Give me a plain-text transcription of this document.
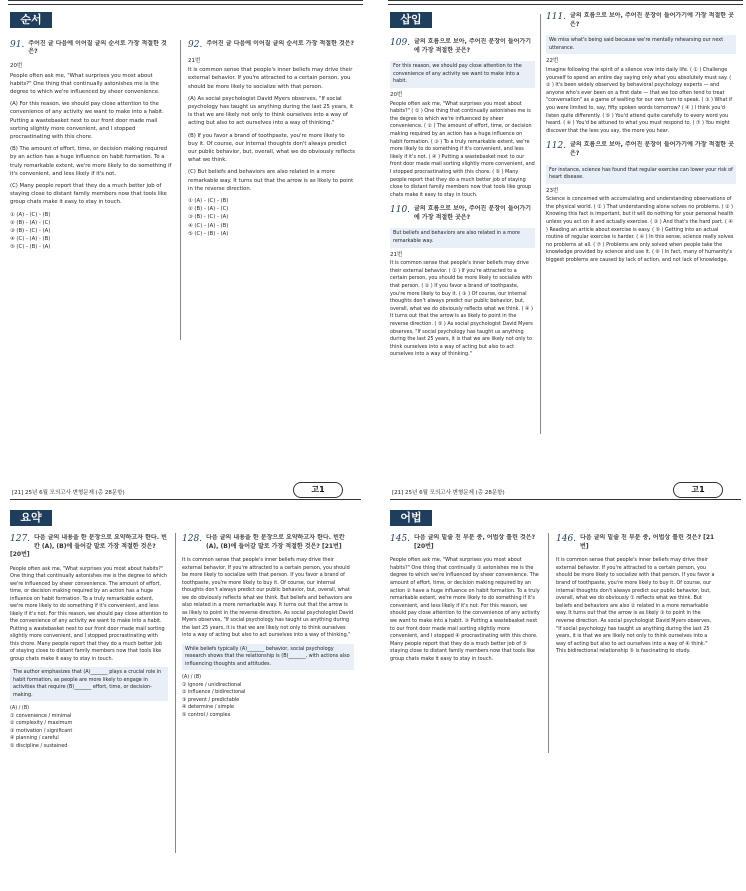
순서
91. 주어진 글 다음에 이어질 글의 순서로 가장 적절한 것은?
20번

People often ask me, "What surprises you most about habits?" One thing that continually astonishes me is the degree to which we're influenced by sheer convenience.

(A) For this reason, we should pay close attention to the convenience of any activity we want to make into a habit. Putting a wastebasket next to our front door made mail sorting slightly more convenient, and I stopped procrastinating with this chore.

(B) The amount of effort, time, or decision making required by an action has a huge influence on habit formation. To a truly remarkable extent, we're more likely to do something if it's convenient, and less likely if it's not.

(C) Many people report that they do a much better job of staying close to distant family members now that tools like group chats make it easy to stay in touch.

① (A) - (C) - (B)
② (B) - (A) - (C)
③ (B) - (C) - (A)
④ (C) - (A) - (B)
⑤ (C) - (B) - (A)
92. 주어진 글 다음에 이어질 글의 순서로 가장 적절한 것은?
21번

It is common sense that people's inner beliefs may drive their external behavior. If you're attracted to a certain person, you should be more likely to socialize with that person.

(A) As social psychologist David Myers observes, "If social psychology has taught us anything during the last 25 years, it is that we are likely not only to think ourselves into a way of acting but also to act ourselves into a way of thinking."

(B) If you favor a brand of toothpaste, you're more likely to buy it. Of course, our internal thoughts don't always predict our public behavior, but, overall, what we do obviously reflects what we think.

(C) But beliefs and behaviors are also related in a more remarkable way. It turns out that the arrow is as likely to point in the reverse direction.

① (A) - (C) - (B)
② (B) - (A) - (C)
③ (B) - (C) - (A)
④ (C) - (A) - (B)
⑤ (C) - (B) - (A)
삽입
109. 글의 흐름으로 보아, 주어진 문장이 들어가기에 가장 적절한 곳은?
For this reason, we should pay close attention to the convenience of any activity we want to make into a habit.
20번

People often ask me, "What surprises you most about habits?" ( ① ) One thing that continually astonishes me is the degree to which we're influenced by sheer convenience. ( ② ) The amount of effort, time, or decision making required by an action has a huge influence on habit formation. ( ③ ) To a truly remarkable extent, we're more likely to do something if it's convenient, and less likely if it's not. ( ④ ) Putting a wastebasket next to our front door made mail sorting slightly more convenient, and I stopped procrastinating with this chore. ( ⑤ ) Many people report that they do a much better job of staying close to distant family members now that tools like group chats make it easy to stay in touch.

110. 글의 흐름으로 보아, 주어진 문장이 들어가기에 가장 적절한 곳은?
But beliefs and behaviors are also related in a more remarkable way.
21번

It is common sense that people's inner beliefs may drive their external behavior. ( ① ) If you're attracted to a certain person, you should be more likely to socialize with that person. ( ② ) If you favor a brand of toothpaste, you're more likely to buy it. ( ③ ) Of course, our internal thoughts don't always predict our public behavior, but, overall, what we do obviously reflects what we think. ( ④ ) It turns out that the arrow is as likely to point in the reverse direction. ( ⑤ ) As social psychologist David Myers observes, "If social psychology has taught us anything during the last 25 years, it is that we are likely not only to think ourselves into a way of acting but also to act ourselves into a way of thinking."

111. 글의 흐름으로 보아, 주어진 문장이 들어가기에 가장 적절한 곳은?
We miss what's being said because we're mentally rehearsing our next utterance.
22번

Imagine following the spirit of a silence vow into daily life. ( ① ) Challenge yourself to spend an entire day saying only what you absolutely must say. ( ② ) It's been widely observed by behavioral psychology experts — and anyone who's ever been on a first date — that we too often tend to treat "conversation" as a game of waiting for our own turn to speak. ( ③ ) What if you were limited to, say, fifty spoken words tomorrow? ( ④ ) I think you'd listen quite differently. ( ⑤ ) You'd attend quite carefully to every word you heard. ( ⑥ ) You'd be attuned to what you must respond to. ( ⑦ ) You might discover that the less you say, the more you hear.

112. 글의 흐름으로 보아, 주어진 문장이 들어가기에 가장 적절한 곳은?
For instance, science has found that regular exercise can lower your risk of heart disease.
23번

Science is concerned with accumulating and understanding observations of the physical world. ( ① ) That understanding alone solves no problems. ( ② ) Knowing this fact is important, but it will do nothing for your personal health unless you act on it and actually exercise. ( ③ ) And that's the hard part. ( ④ ) Reading an article about exercise is easy. ( ⑤ ) Getting into an actual routine of regular exercise is harder. ( ⑥ ) In this sense, science really solves no problems at all. ( ⑦ ) Problems are only solved when people take the knowledge provided by science and use it. ( ⑧ ) In fact, many of humanity's biggest problems are caused by lack of action, and not lack of knowledge.

[21] 25년 6월 모의고사 변형문제 (총 28문항)	고1
요약
127. 다음 글의 내용을 한 문장으로 요약하고자 한다. 빈칸 (A), (B)에 들어갈 말로 가장 적절한 것은? [20번]

People often ask me, "What surprises you most about habits?" One thing that continually astonishes me is the degree to which we're influenced by sheer convenience. The amount of effort, time, or decision making required by an action has a huge influence on habit formation. To a truly remarkable extent, we're more likely to do something if it's convenient, and less likely if it's not. For this reason, we should pay close attention to the convenience of any activity we want to make into a habit. Putting a wastebasket next to our front door made mail sorting slightly more convenient, and I stopped procrastinating with this chore. Many people report that they do a much better job of staying close to distant family members now that tools like group chats make it easy to stay in touch.

The author emphasizes that (A)_______ plays a crucial role in habit formation, as people are more likely to engage in activities that require (B)_______ effort, time, or decision-making.
(A) / (B)
① convenience / minimal
② complexity / maximum
③ motivation / significant
④ planning / careful
⑤ discipline / sustained
128. 다음 글의 내용을 한 문장으로 요약하고자 한다. 빈칸 (A), (B)에 들어갈 말로 가장 적절한 것은? [21번]

It is common sense that people's inner beliefs may drive their external behavior. If you're attracted to a certain person, you should be more likely to socialize with that person. If you favor a brand of toothpaste, you're more likely to buy it. Of course, our internal thoughts don't always predict our public behavior, but, overall, what we do obviously reflects what we think. But beliefs and behaviors are also related in a more remarkable way. It turns out that the arrow is as likely to point in the reverse direction. As social psychologist David Myers observes, "If social psychology has taught us anything during the last 25 years, it is that we are likely not only to think ourselves into a way of acting but also to act ourselves into a way of thinking."

While beliefs typically (A)_______ behavior, social psychology research shows that the relationship is (B)_______, with actions also influencing thoughts and attitudes.
(A) / (B)
① ignore / unidirectional
② influence / bidirectional
③ prevent / predictable
④ determine / simple
⑤ control / complex
[21] 25년 6월 모의고사 변형문제 (총 28문항)	고1
어법
145. 다음 글의 밑줄 친 부분 중, 어법상 틀린 것은? [20번]

People often ask me, "What surprises you most about habits?" One thing that continually ① astonishes me is the degree to which we're influenced by sheer convenience. The amount of effort, time, or decision making required by an action ② have a huge influence on habit formation. To a truly remarkable extent, we're more likely to do something if it's convenient, and less likely if it's not. For this reason, we should pay close attention to the convenience of any activity we want to make into a habit. ③ Putting a wastebasket next to our front door made mail sorting slightly more convenient, and I stopped ④ procrastinating with this chore. Many people report that they do a much better job of ⑤ staying close to distant family members now that tools like group chats make it easy to stay in touch.

146. 다음 글의 밑줄 친 부분 중, 어법상 틀린 것은? [21번]

It is common sense that people's inner beliefs may drive their external behavior. If you're attracted to a certain person, you should be more likely to socialize with that person. If you favor a brand of toothpaste, you're more likely to buy it. Of course, our internal thoughts don't always predict our public behavior, but, overall, what we do obviously ① reflects what we think. But beliefs and behaviors are also ② related in a more remarkable way. It turns out that the arrow is as likely ③ to point in the reverse direction. As social psychologist David Myers observes, "If social psychology has taught us anything during the last 25 years, it is that we are likely not only to think ourselves into a way of acting but also to act ourselves into a way of ④ think." This bidirectional relationship ⑤ is fascinating to study.
